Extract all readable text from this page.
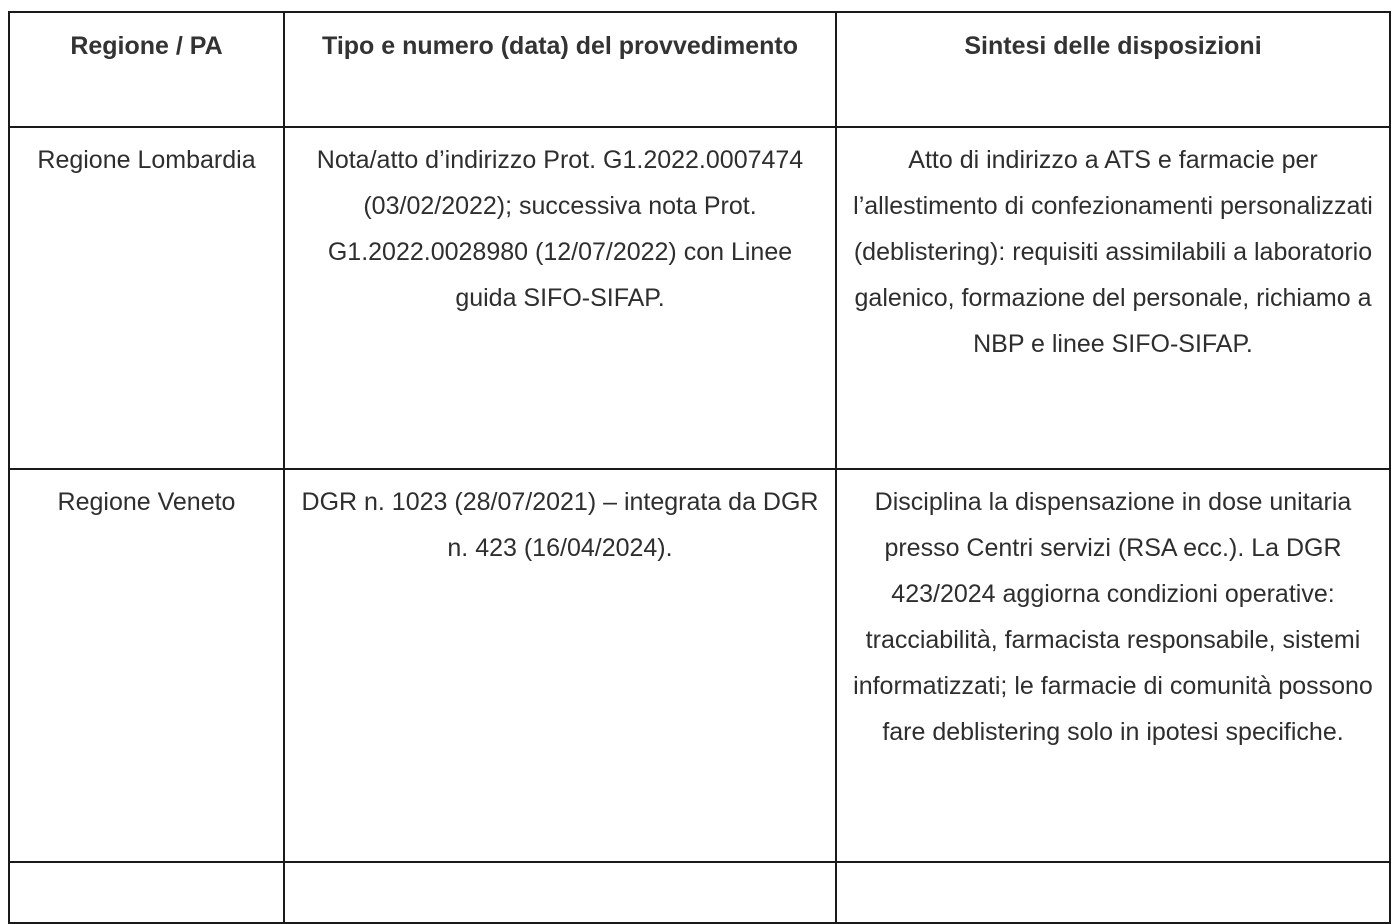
Regione / PA	Tipo e numero (data) del provvedimento	Sintesi delle disposizioni
Regione Lombardia	Nota/atto d’indirizzo Prot. G1.2022.0007474 (03/02/2022); successiva nota Prot. G1.2022.0028980 (12/07/2022) con Linee guida SIFO-SIFAP.	Atto di indirizzo a ATS e farmacie per l’allestimento di confezionamenti personalizzati (deblistering): requisiti assimilabili a laboratorio galenico, formazione del personale, richiamo a NBP e linee SIFO-SIFAP.
Regione Veneto	DGR n. 1023 (28/07/2021) – integrata da DGR n. 423 (16/04/2024).	Disciplina la dispensazione in dose unitaria presso Centri servizi (RSA ecc.). La DGR 423/2024 aggiorna condizioni operative: tracciabilità, farmacista responsabile, sistemi informatizzati; le farmacie di comunità possono fare deblistering solo in ipotesi specifiche.
